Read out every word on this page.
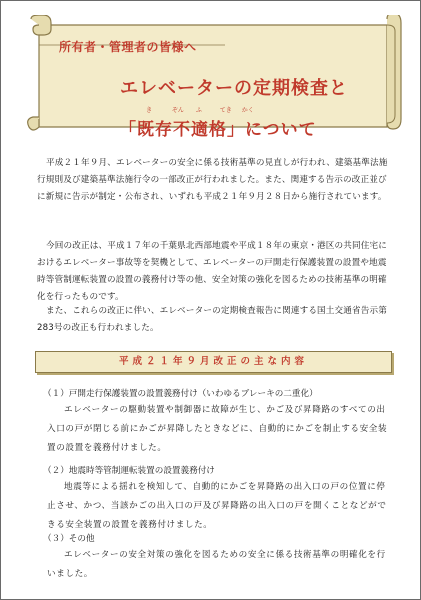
所有者・管理者の皆様へ
エレベーターの定期検査と
き	ぞん ふ	てき かく
「既存不適格」について
平成２１年９月、エレベーターの安全に係る技術基準の見直しが行われ、建築基準法施行規則及び建築基準法施行令の一部改正が行われました。また、関連する告示の改正並びに新規に告示が制定・公布され、いずれも平成２１年９月２８日から施行されています。
今回の改正は、平成１７年の千葉県北西部地震や平成１８年の東京・港区の共同住宅におけるエレベーター事故等を契機として、エレベーターの戸開走行保護装置の設置や地震時等管制運転装置の設置の義務付け等の他、安全対策の強化を図るための技術基準の明確化を行ったものです。
また、これらの改正に伴い、エレベーターの定期検査報告に関連する国土交通省告示第283号の改正も行われました。
平成２１年９月改正の主な内容
（１）戸開走行保護装置の設置義務付け（いわゆるブレーキの二重化）
エレベーターの駆動装置や制御器に故障が生じ、かご及び昇降路のすべての出入口の戸が閉じる前にかごが昇降したときなどに、自動的にかごを制止する安全装置の設置を義務付けました。
（２）地震時等管制運転装置の設置義務付け
地震等による揺れを検知して、自動的にかごを昇降路の出入口の戸の位置に停止させ、かつ、当該かごの出入口の戸及び昇降路の出入口の戸を開くことなどができる安全装置の設置を義務付けました。
（３）その他
エレベーターの安全対策の強化を図るための安全に係る技術基準の明確化を行いました。
